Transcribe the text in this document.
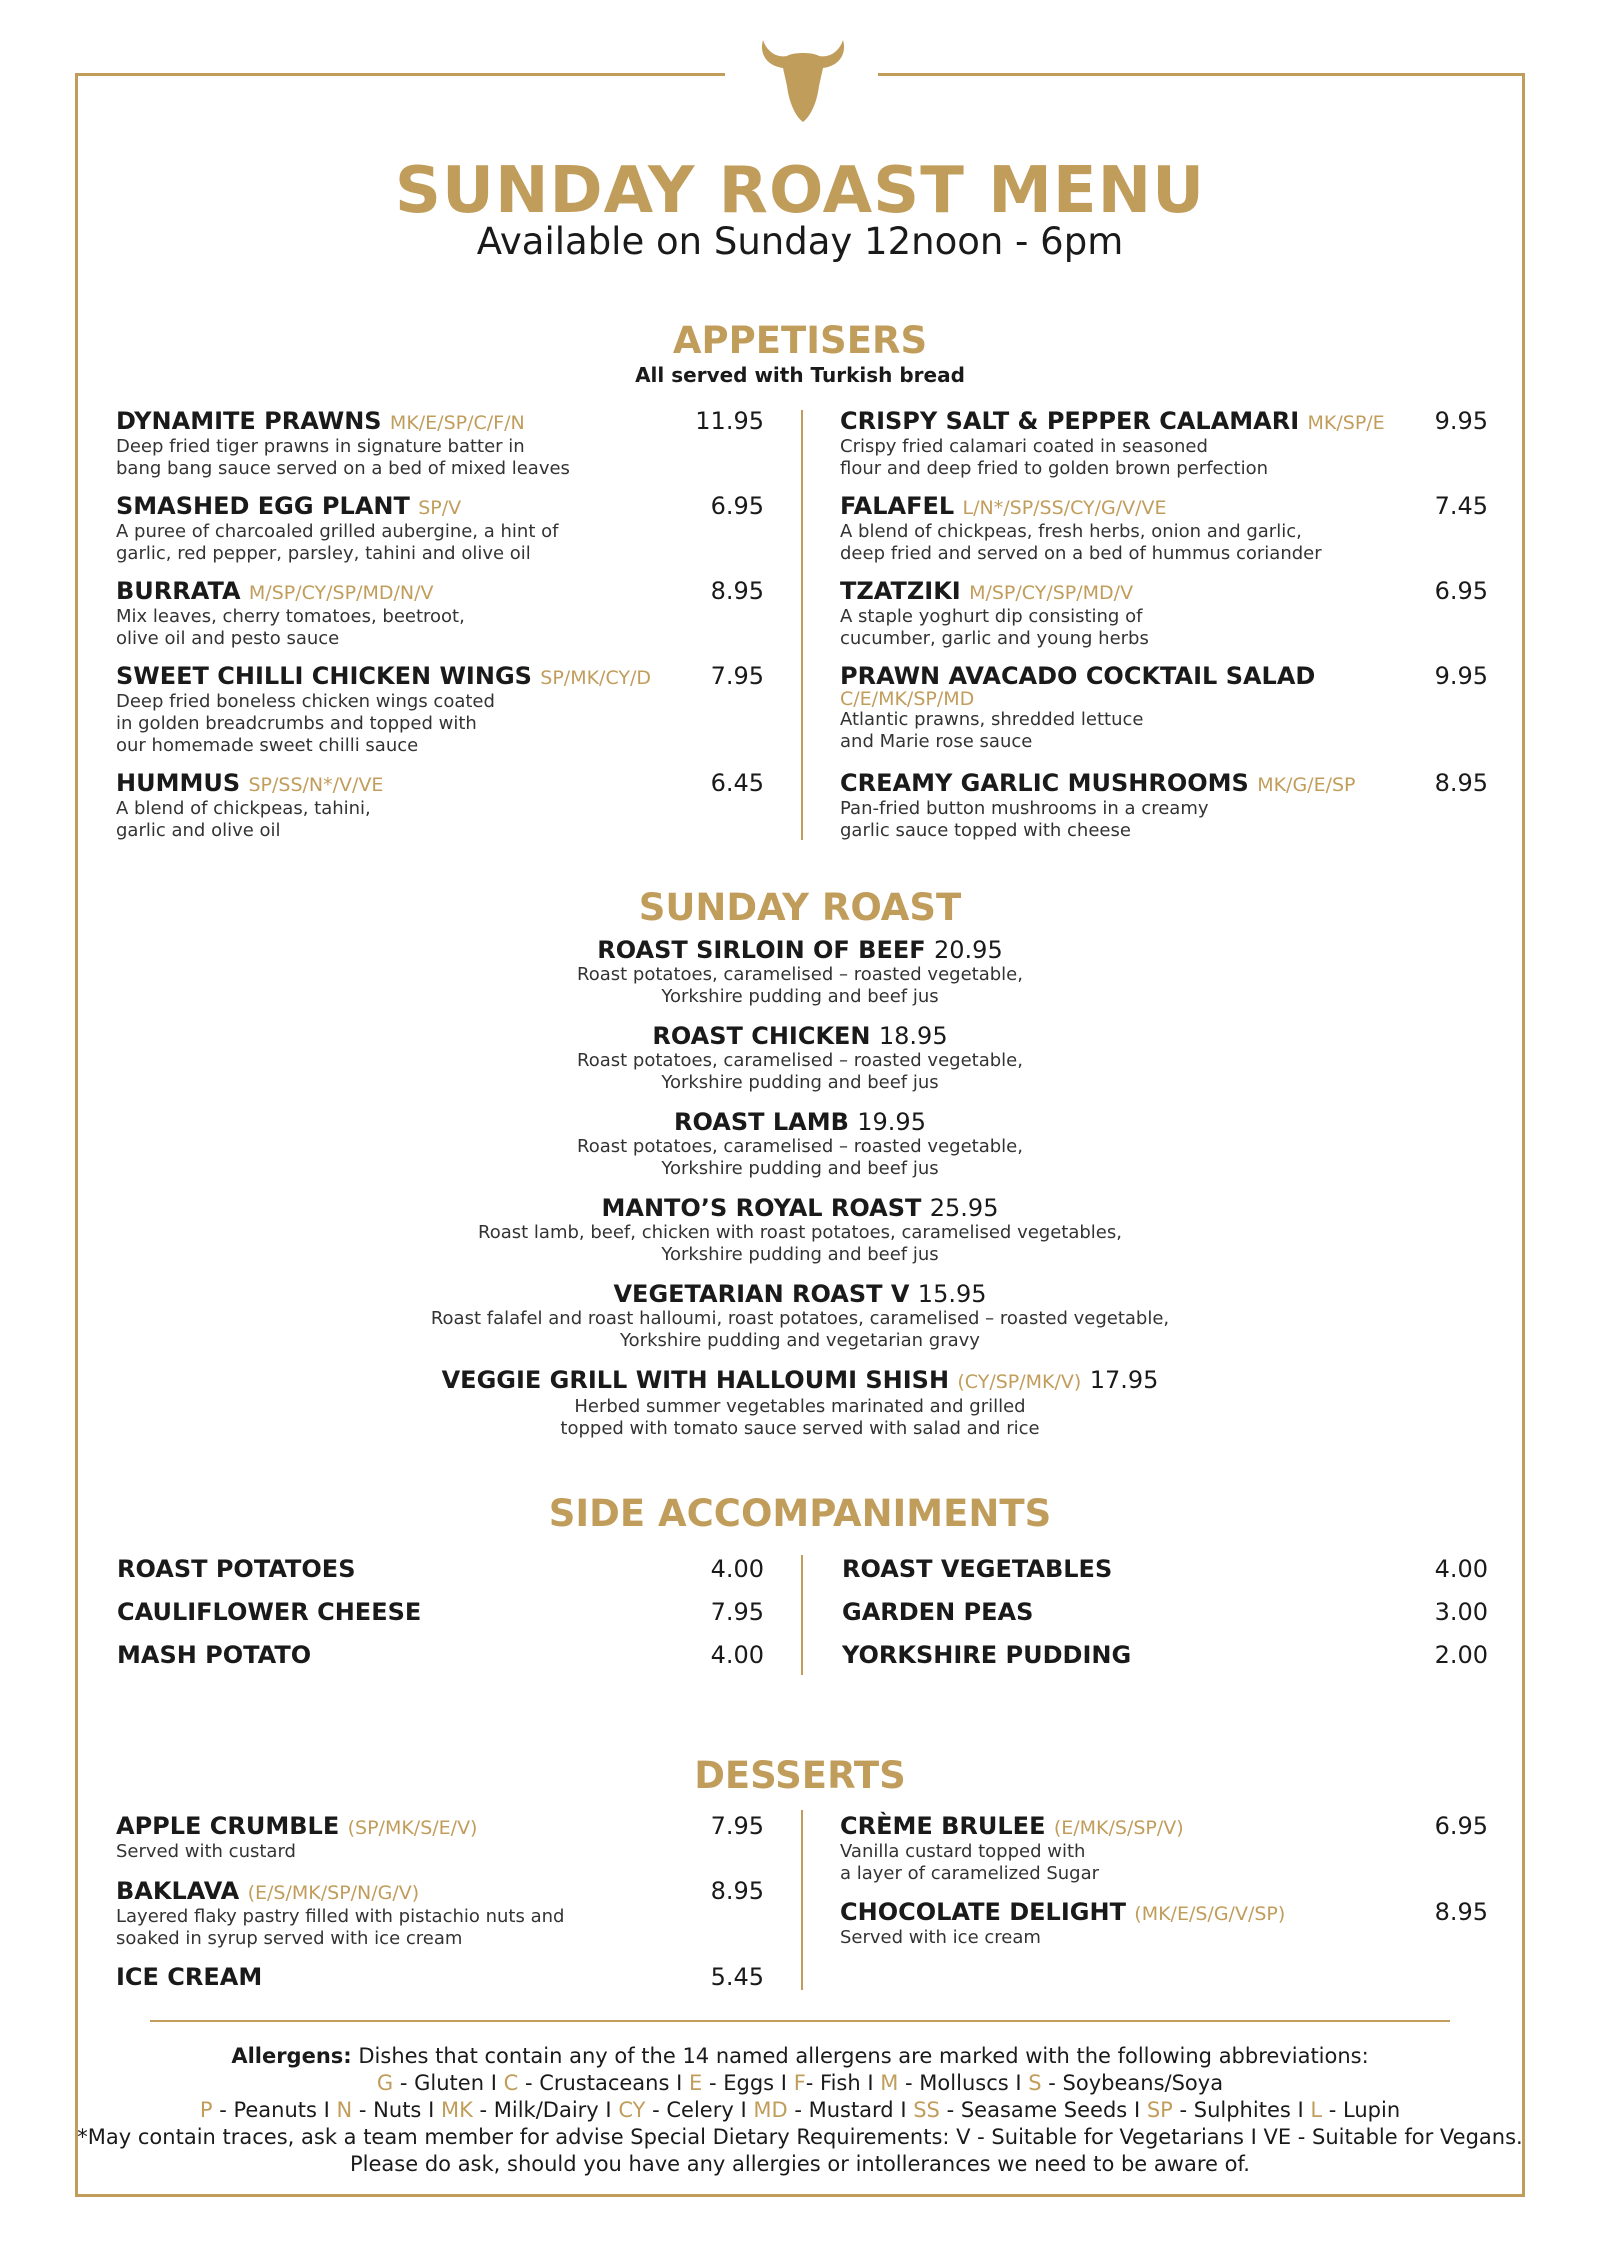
SUNDAY ROAST MENU
Available on Sunday 12noon - 6pm
APPETISERS
All served with Turkish bread
DYNAMITE PRAWNS MK/E/SP/C/F/N
Deep fried tiger prawns in signature batter in
bang bang sauce served on a bed of mixed leaves
11.95
SMASHED EGG PLANT SP/V
A puree of charcoaled grilled aubergine, a hint of
garlic, red pepper, parsley, tahini and olive oil
6.95
BURRATA M/SP/CY/SP/MD/N/V
Mix leaves, cherry tomatoes, beetroot,
olive oil and pesto sauce
8.95
SWEET CHILLI CHICKEN WINGS SP/MK/CY/D
Deep fried boneless chicken wings coated
in golden breadcrumbs and topped with
our homemade sweet chilli sauce
7.95
HUMMUS SP/SS/N*/V/VE
A blend of chickpeas, tahini,
garlic and olive oil
6.45
CRISPY SALT & PEPPER CALAMARI MK/SP/E
Crispy fried calamari coated in seasoned
flour and deep fried to golden brown perfection
9.95
FALAFEL L/N*/SP/SS/CY/G/V/VE
A blend of chickpeas, fresh herbs, onion and garlic,
deep fried and served on a bed of hummus coriander
7.45
TZATZIKI M/SP/CY/SP/MD/V
A staple yoghurt dip consisting of
cucumber, garlic and young herbs
6.95
PRAWN AVACADO COCKTAIL SALAD
C/E/MK/SP/MD
Atlantic prawns, shredded lettuce
and Marie rose sauce
9.95
CREAMY GARLIC MUSHROOMS MK/G/E/SP
Pan-fried button mushrooms in a creamy
garlic sauce topped with cheese
8.95
SUNDAY ROAST
ROAST SIRLOIN OF BEEF 20.95
Roast potatoes, caramelised – roasted vegetable,
Yorkshire pudding and beef jus
ROAST CHICKEN 18.95
Roast potatoes, caramelised – roasted vegetable,
Yorkshire pudding and beef jus
ROAST LAMB 19.95
Roast potatoes, caramelised – roasted vegetable,
Yorkshire pudding and beef jus
MANTO’S ROYAL ROAST 25.95
Roast lamb, beef, chicken with roast potatoes, caramelised vegetables,
Yorkshire pudding and beef jus
VEGETARIAN ROAST V 15.95
Roast falafel and roast halloumi, roast potatoes, caramelised – roasted vegetable,
Yorkshire pudding and vegetarian gravy
VEGGIE GRILL WITH HALLOUMI SHISH (CY/SP/MK/V) 17.95
Herbed summer vegetables marinated and grilled
topped with tomato sauce served with salad and rice
SIDE ACCOMPANIMENTS
ROAST POTATOES	4.00
CAULIFLOWER CHEESE	7.95
MASH POTATO	4.00
ROAST VEGETABLES	4.00
GARDEN PEAS	3.00
YORKSHIRE PUDDING	2.00
DESSERTS
APPLE CRUMBLE (SP/MK/S/E/V)
Served with custard
7.95
BAKLAVA (E/S/MK/SP/N/G/V)
Layered flaky pastry filled with pistachio nuts and
soaked in syrup served with ice cream
8.95
ICE CREAM	5.45
CRÈME BRULEE (E/MK/S/SP/V)
Vanilla custard topped with
a layer of caramelized Sugar
6.95
CHOCOLATE DELIGHT (MK/E/S/G/V/SP)
Served with ice cream
8.95
Allergens: Dishes that contain any of the 14 named allergens are marked with the following abbreviations:
G - Gluten I C - Crustaceans I E - Eggs I F- Fish I M - Molluscs I S - Soybeans/Soya
P - Peanuts I N - Nuts I MK - Milk/Dairy I CY - Celery I MD - Mustard I SS - Seasame Seeds I SP - Sulphites I L - Lupin
*May contain traces, ask a team member for advise Special Dietary Requirements: V - Suitable for Vegetarians I VE - Suitable for Vegans.
Please do ask, should you have any allergies or intollerances we need to be aware of.
